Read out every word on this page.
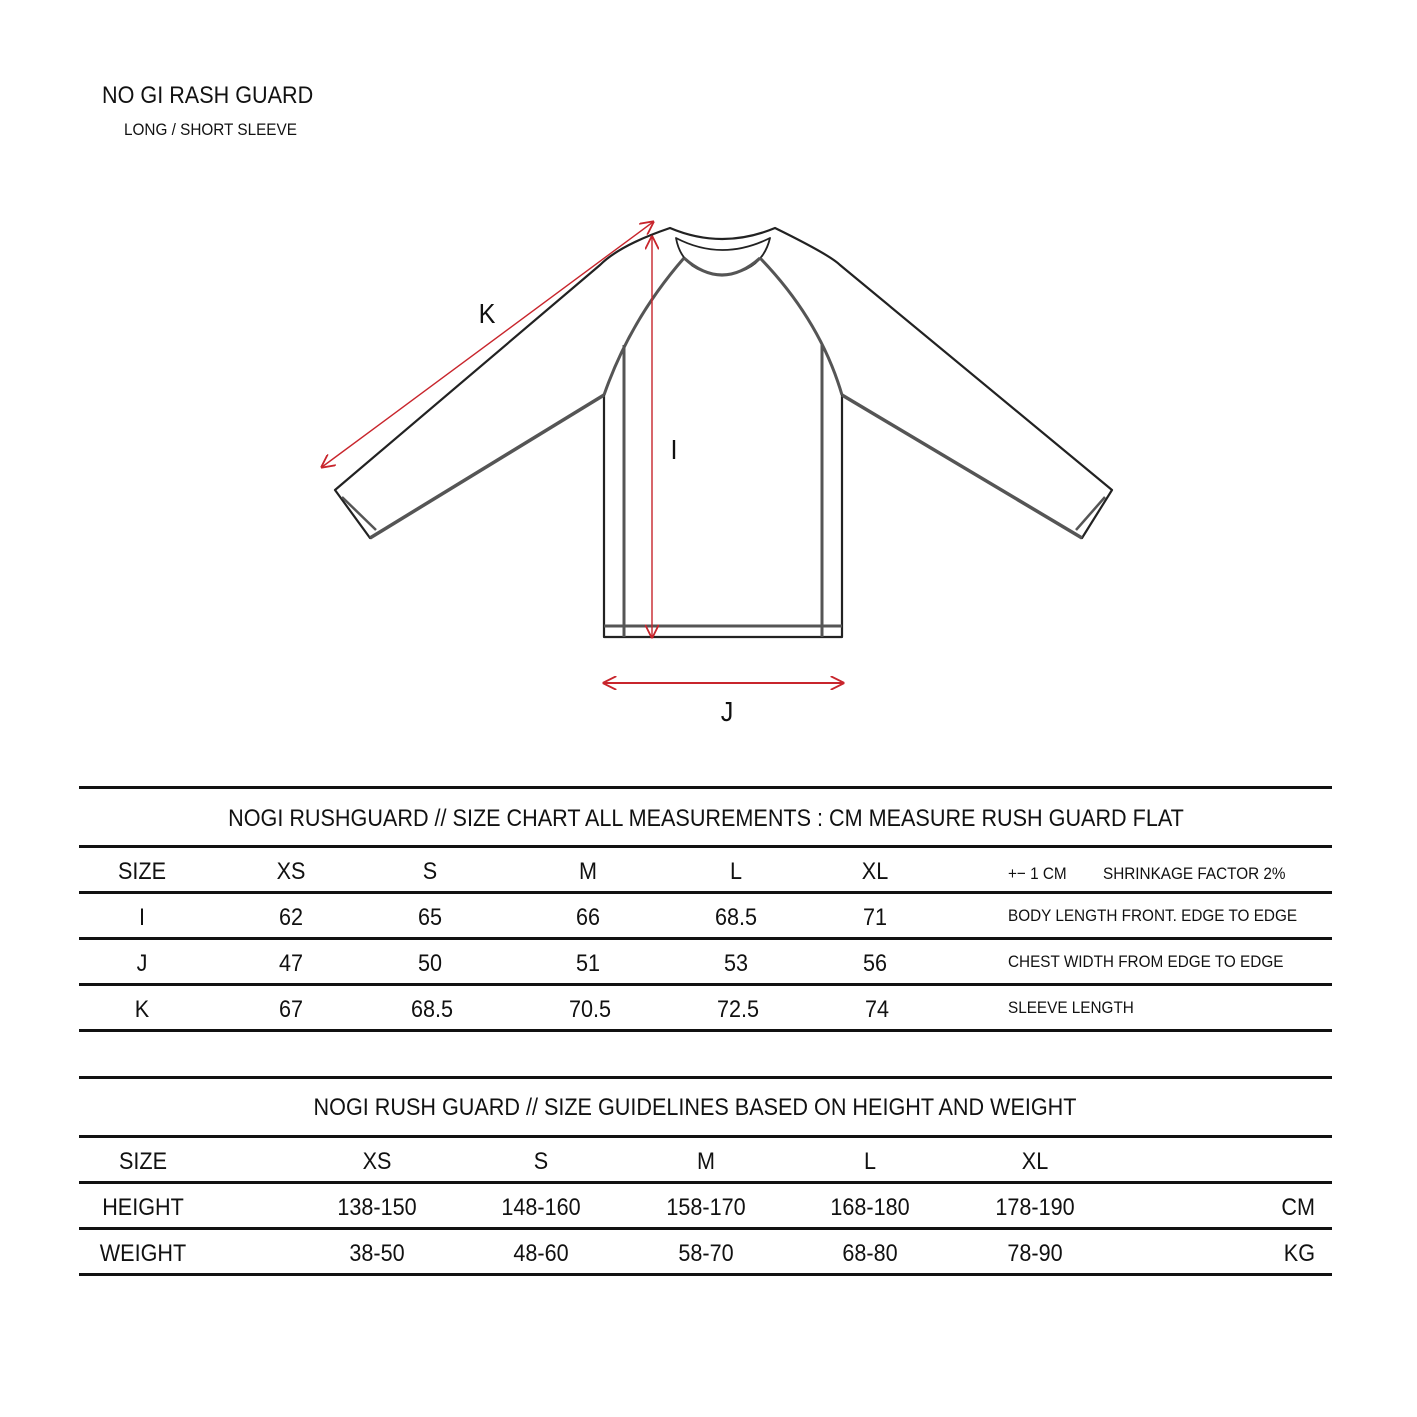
NO GI RASH GUARD
LONG / SHORT SLEEVE
K
I
J
NOGI RUSHGUARD // SIZE CHART ALL MEASUREMENTS : CM MEASURE RUSH GUARD FLAT
SIZE	XS	S	M	L	XL	+− 1 CM SHRINKAGE FACTOR 2%
I	62	65	66	68.5	71	BODY LENGTH FRONT. EDGE TO EDGE
J	47	50	51	53	56	CHEST WIDTH FROM EDGE TO EDGE
K	67	68.5	70.5	72.5	74	SLEEVE LENGTH
NOGI RUSH GUARD // SIZE GUIDELINES BASED ON HEIGHT AND WEIGHT
SIZE	XS	S	M	L	XL
HEIGHT	138-150	148-160	158-170	168-180	178-190	CM
WEIGHT	38-50	48-60	58-70	68-80	78-90	KG
